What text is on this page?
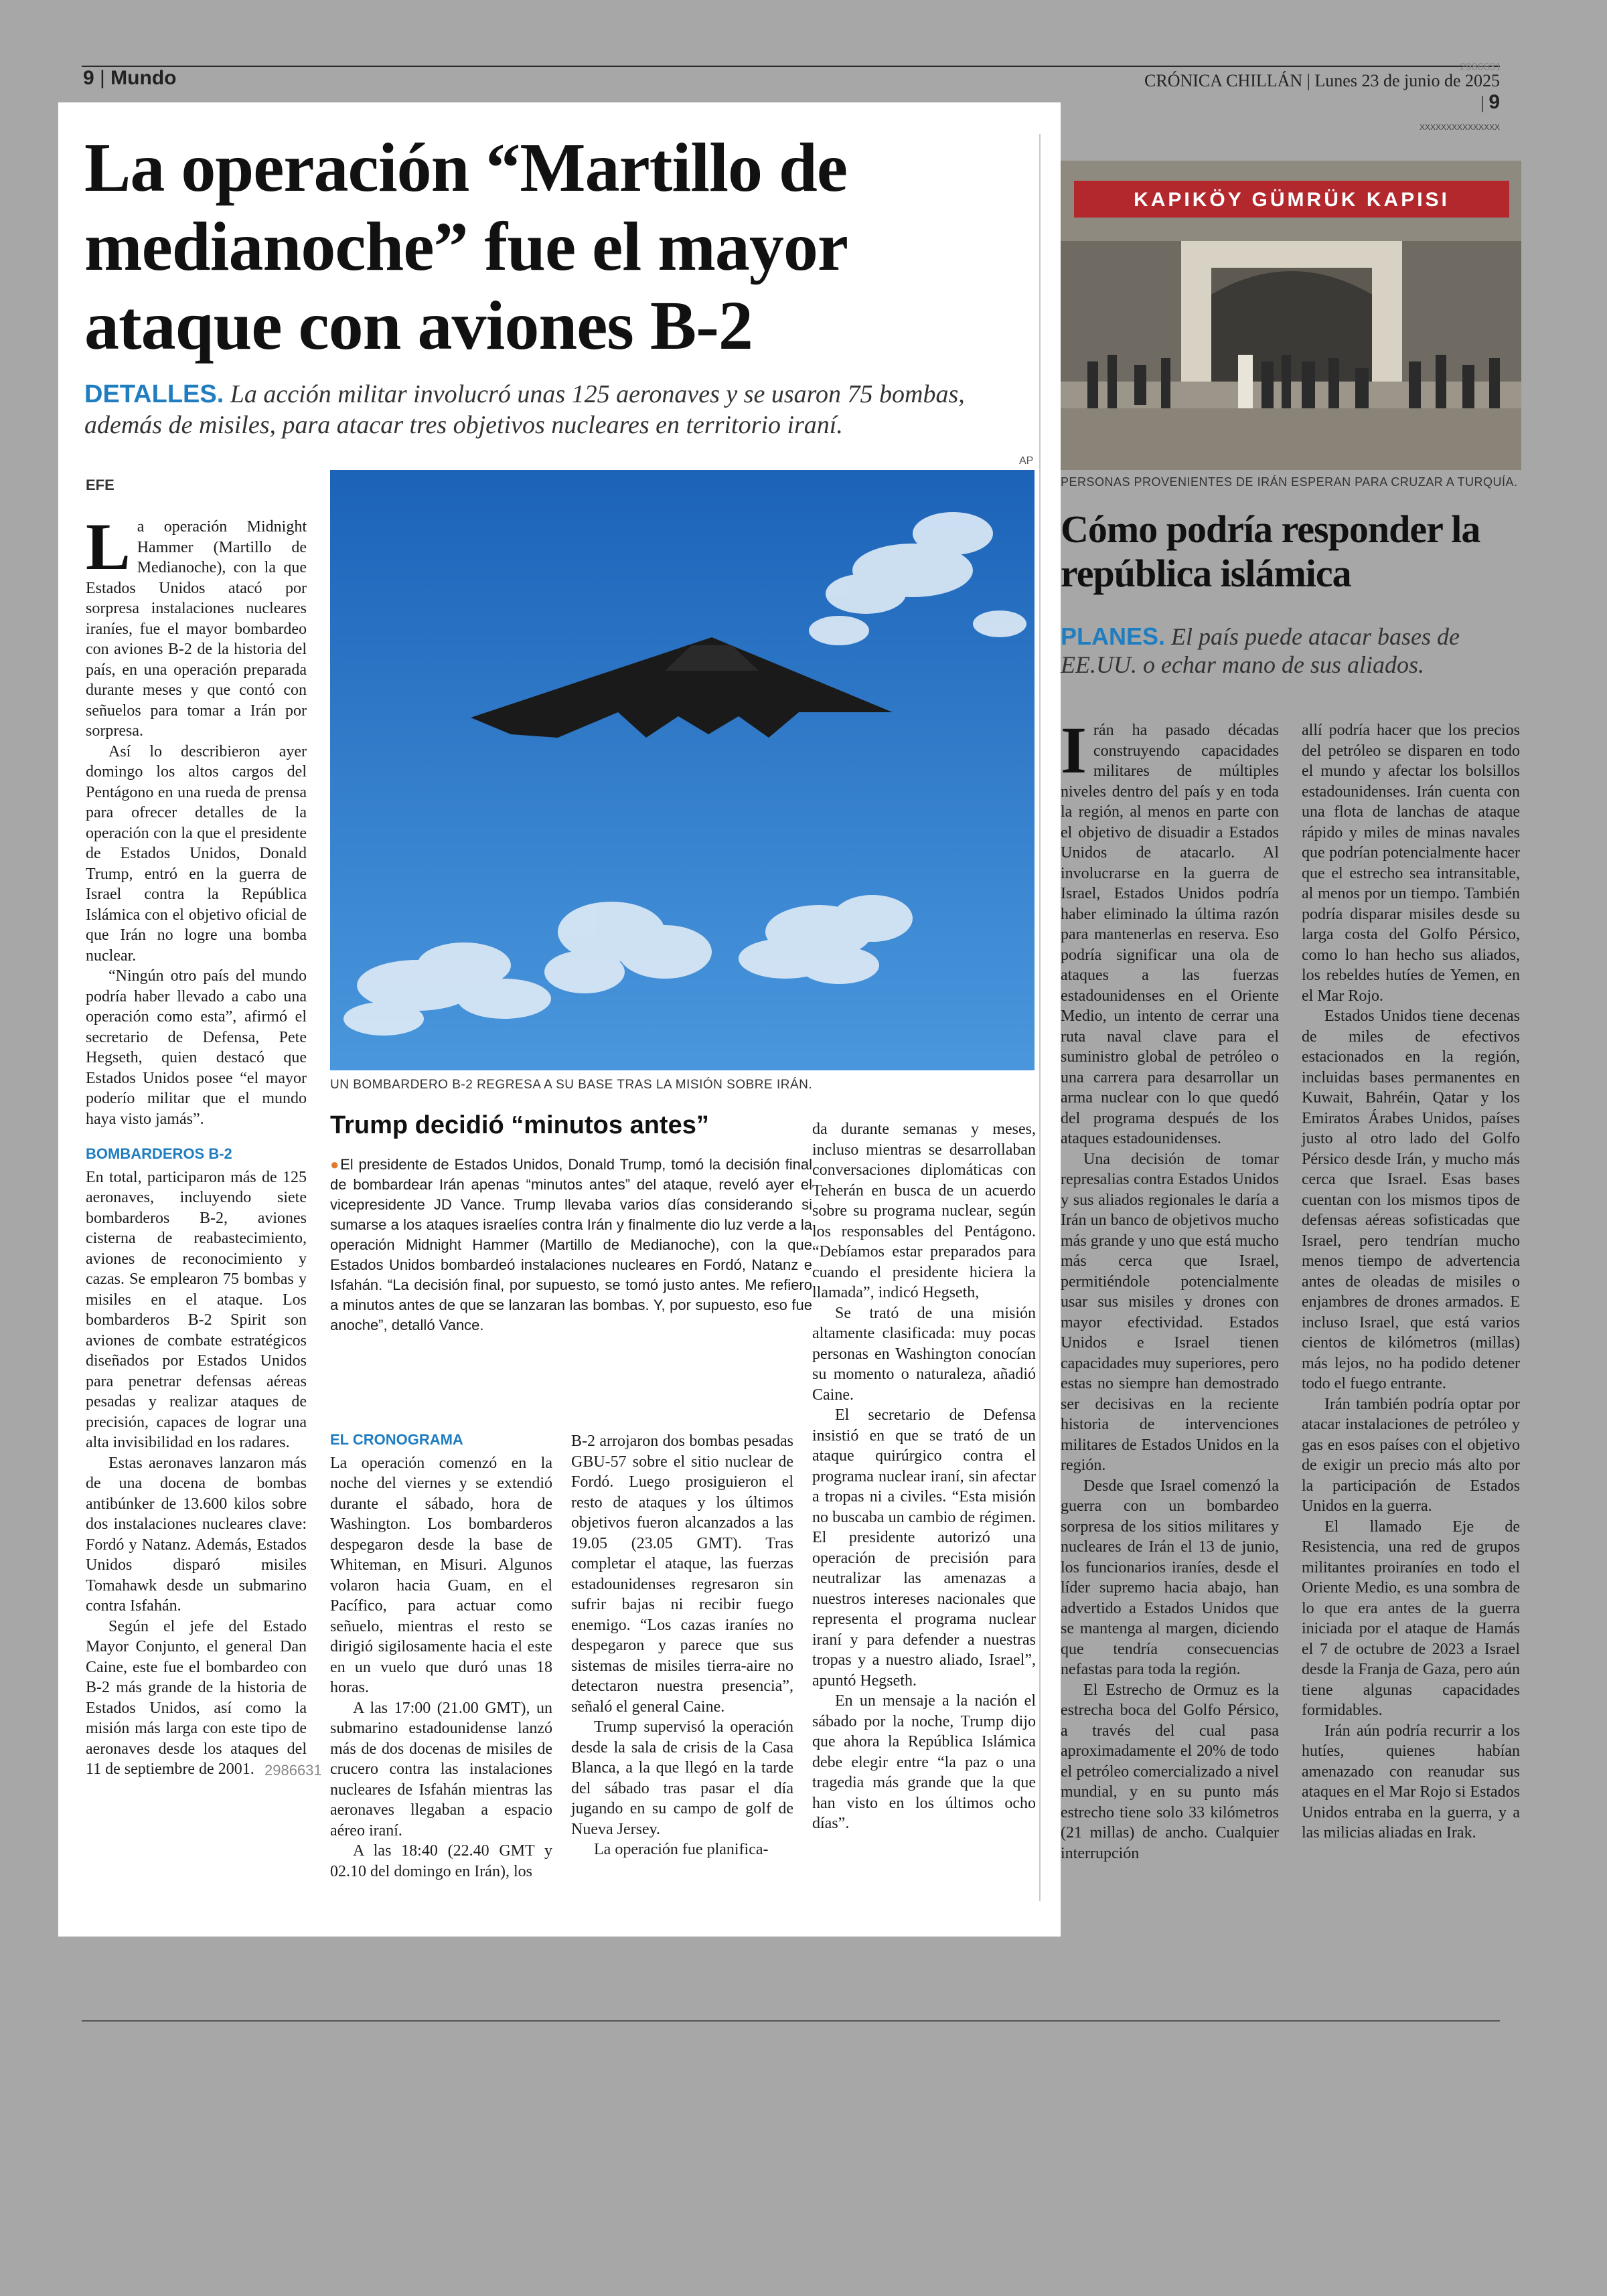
9 | Mundo	CRÓNICA CHILLÁN | Lunes 23 de junio de 2025 | 9
2986631
XXXXXXXXXXXXXXX
La operación “Martillo de medianoche” fue el mayor ataque con aviones B-2
DETALLES. La acción militar involucró unas 125 aeronaves y se usaron 75 bombas, además de misiles, para atacar tres objetivos nucleares en territorio iraní.
EFE
AP
UN BOMBARDERO B-2 REGRESA A SU BASE TRAS LA MISIÓN SOBRE IRÁN.

La operación Midnight Hammer (Martillo de Medianoche), con la que Estados Unidos atacó por sorpresa instalaciones nucleares iraníes, fue el mayor bombardeo con aviones B-2 de la historia del país, en una operación preparada durante meses y que contó con señuelos para tomar a Irán por sorpresa.

Así lo describieron ayer domingo los altos cargos del Pentágono en una rueda de prensa para ofrecer detalles de la operación con la que el presidente de Estados Unidos, Donald Trump, entró en la guerra de Israel contra la República Islámica con el objetivo oficial de que Irán no logre una bomba nuclear.

“Ningún otro país del mundo podría haber llevado a cabo una operación como esta”, afirmó el secretario de Defensa, Pete Hegseth, quien destacó que Estados Unidos posee “el mayor poderío militar que el mundo haya visto jamás”.

BOMBARDEROS B-2

En total, participaron más de 125 aeronaves, incluyendo siete bombarderos B-2, aviones cisterna de reabastecimiento, aviones de reconocimiento y cazas. Se emplearon 75 bombas y misiles en el ataque. Los bombarderos B-2 Spirit son aviones de combate estratégicos diseñados por Estados Unidos para penetrar defensas aéreas pesadas y realizar ataques de precisión, capaces de lograr una alta invisibilidad en los radares.

Estas aeronaves lanzaron más de una docena de bombas antibúnker de 13.600 kilos sobre dos instalaciones nucleares clave: Fordó y Natanz. Además, Estados Unidos disparó misiles Tomahawk desde un submarino contra Isfahán.

Según el jefe del Estado Mayor Conjunto, el general Dan Caine, este fue el bombardeo con B-2 más grande de la historia de Estados Unidos, así como la misión más larga con este tipo de aeronaves desde los ataques del 11 de septiembre de 2001. 2986631
Trump decidió “minutos antes”
●El presidente de Estados Unidos, Donald Trump, tomó la decisión final de bombardear Irán apenas “minutos antes” del ataque, reveló ayer el vicepresidente JD Vance. Trump llevaba varios días considerando si sumarse a los ataques israelíes contra Irán y finalmente dio luz verde a la operación Midnight Hammer (Martillo de Medianoche), con la que Estados Unidos bombardeó instalaciones nucleares en Fordó, Natanz e Isfahán. “La decisión final, por supuesto, se tomó justo antes. Me refiero a minutos antes de que se lanzaran las bombas. Y, por supuesto, eso fue anoche”, detalló Vance.
EL CRONOGRAMA

La operación comenzó en la noche del viernes y se extendió durante el sábado, hora de Washington. Los bombarderos despegaron desde la base de Whiteman, en Misuri. Algunos volaron hacia Guam, en el Pacífico, para actuar como señuelo, mientras el resto se dirigió sigilosamente hacia el este en un vuelo que duró unas 18 horas.

A las 17:00 (21.00 GMT), un submarino estadounidense lanzó más de dos docenas de misiles de crucero contra las instalaciones nucleares de Isfahán mientras las aeronaves llegaban a espacio aéreo iraní.

A las 18:40 (22.40 GMT y 02.10 del domingo en Irán), los

B-2 arrojaron dos bombas pesadas GBU-57 sobre el sitio nuclear de Fordó. Luego prosiguieron el resto de ataques y los últimos objetivos fueron alcanzados a las 19.05 (23.05 GMT). Tras completar el ataque, las fuerzas estadounidenses regresaron sin sufrir bajas ni recibir fuego enemigo. “Los cazas iraníes no despegaron y parece que sus sistemas de misiles tierra-aire no detectaron nuestra presencia”, señaló el general Caine.

Trump supervisó la operación desde la sala de crisis de la Casa Blanca, a la que llegó en la tarde del sábado tras pasar el día jugando en su campo de golf de Nueva Jersey.

La operación fue planifica-

da durante semanas y meses, incluso mientras se desarrollaban conversaciones diplomáticas con Teherán en busca de un acuerdo sobre su programa nuclear, según los responsables del Pentágono. “Debíamos estar preparados para cuando el presidente hiciera la llamada”, indicó Hegseth,

Se trató de una misión altamente clasificada: muy pocas personas en Washington conocían su momento o naturaleza, añadió Caine.

El secretario de Defensa insistió en que se trató de un ataque quirúrgico contra el programa nuclear iraní, sin afectar a tropas ni a civiles. “Esta misión no buscaba un cambio de régimen. El presidente autorizó una operación de precisión para neutralizar las amenazas a nuestros intereses nacionales que representa el programa nuclear iraní y para defender a nuestras tropas y a nuestro aliado, Israel”, apuntó Hegseth.

En un mensaje a la nación el sábado por la noche, Trump dijo que ahora la República Islámica debe elegir entre “la paz o una tragedia más grande que la que han visto en los últimos ocho días”.

KAPIKÖY GÜMRÜK KAPISI
PERSONAS PROVENIENTES DE IRÁN ESPERAN PARA CRUZAR A TURQUÍA.
Cómo podría responder la república islámica
PLANES. El país puede atacar bases de EE.UU. o echar mano de sus aliados.

Irán ha pasado décadas construyendo capacidades militares de múltiples niveles dentro del país y en toda la región, al menos en parte con el objetivo de disuadir a Estados Unidos de atacarlo. Al involucrarse en la guerra de Israel, Estados Unidos podría haber eliminado la última razón para mantenerlas en reserva. Eso podría significar una ola de ataques a las fuerzas estadounidenses en el Oriente Medio, un intento de cerrar una ruta naval clave para el suministro global de petróleo o una carrera para desarrollar un arma nuclear con lo que quedó del programa después de los ataques estadounidenses.

Una decisión de tomar represalias contra Estados Unidos y sus aliados regionales le daría a Irán un banco de objetivos mucho más grande y uno que está mucho más cerca que Israel, permitiéndole potencialmente usar sus misiles y drones con mayor efectividad. Estados Unidos e Israel tienen capacidades muy superiores, pero estas no siempre han demostrado ser decisivas en la reciente historia de intervenciones militares de Estados Unidos en la región.

Desde que Israel comenzó la guerra con un bombardeo sorpresa de los sitios militares y nucleares de Irán el 13 de junio, los funcionarios iraníes, desde el líder supremo hacia abajo, han advertido a Estados Unidos que se mantenga al margen, diciendo que tendría consecuencias nefastas para toda la región.

El Estrecho de Ormuz es la estrecha boca del Golfo Pérsico, a través del cual pasa aproximadamente el 20% de todo el petróleo comercializado a nivel mundial, y en su punto más estrecho tiene solo 33 kilómetros (21 millas) de ancho. Cualquier interrupción

allí podría hacer que los precios del petróleo se disparen en todo el mundo y afectar los bolsillos estadounidenses. Irán cuenta con una flota de lanchas de ataque rápido y miles de minas navales que podrían potencialmente hacer que el estrecho sea intransitable, al menos por un tiempo. También podría disparar misiles desde su larga costa del Golfo Pérsico, como lo han hecho sus aliados, los rebeldes hutíes de Yemen, en el Mar Rojo.

Estados Unidos tiene decenas de miles de efectivos estacionados en la región, incluidas bases permanentes en Kuwait, Bahréin, Qatar y los Emiratos Árabes Unidos, países justo al otro lado del Golfo Pérsico desde Irán, y mucho más cerca que Israel. Esas bases cuentan con los mismos tipos de defensas aéreas sofisticadas que Israel, pero tendrían mucho menos tiempo de advertencia antes de oleadas de misiles o enjambres de drones armados. E incluso Israel, que está varios cientos de kilómetros (millas) más lejos, no ha podido detener todo el fuego entrante.

Irán también podría optar por atacar instalaciones de petróleo y gas en esos países con el objetivo de exigir un precio más alto por la participación de Estados Unidos en la guerra.

El llamado Eje de Resistencia, una red de grupos militantes proiraníes en todo el Oriente Medio, es una sombra de lo que era antes de la guerra iniciada por el ataque de Hamás el 7 de octubre de 2023 a Israel desde la Franja de Gaza, pero aún tiene algunas capacidades formidables.

Irán aún podría recurrir a los hutíes, quienes habían amenazado con reanudar sus ataques en el Mar Rojo si Estados Unidos entraba en la guerra, y a las milicias aliadas en Irak.
